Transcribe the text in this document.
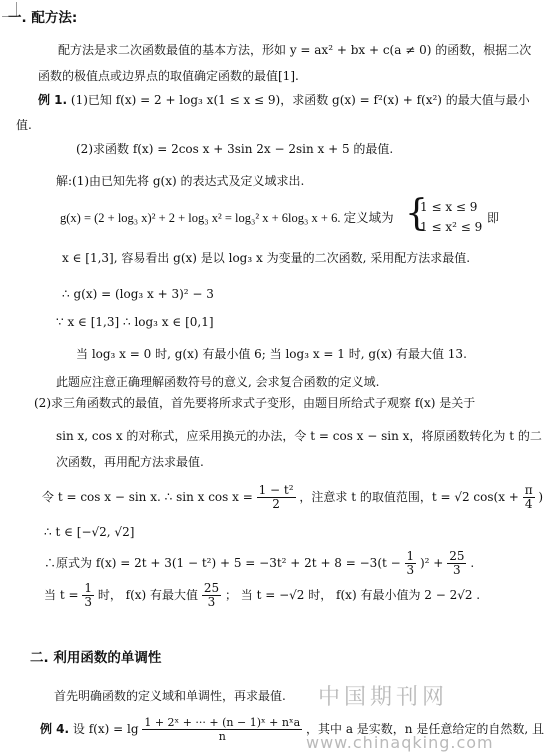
一. 配方法:
配方法是求二次函数最值的基本方法，形如 y = ax² + bx + c(a ≠ 0) 的函数，根据二次
函数的极值点或边界点的取值确定函数的最值[1].
例 1. (1)已知 f(x) = 2 + log₃ x(1 ≤ x ≤ 9)，求函数 g(x) = f²(x) + f(x²) 的最大值与最小
值.
(2)求函数 f(x) = 2cos x + 3sin 2x − 2sin x + 5 的最值.
解:(1)由已知先将 g(x) 的表达式及定义域求出.
g(x) = (2 + log₃ x)² + 2 + log₃ x² = log₃² x + 6log₃ x + 6. 定义域为 {
1 ≤ x ≤ 9
1 ≤ x² ≤ 9
即
x ∈ [1,3], 容易看出 g(x) 是以 log₃ x 为变量的二次函数, 采用配方法求最值.
∴ g(x) = (log₃ x + 3)² − 3
∵ x ∈ [1,3] ∴ log₃ x ∈ [0,1]
当 log₃ x = 0 时, g(x) 有最小值 6; 当 log₃ x = 1 时, g(x) 有最大值 13.
此题应注意正确理解函数符号的意义, 会求复合函数的定义域.
(2)求三角函数式的最值，首先要将所求式子变形，由题目所给式子观察 f(x) 是关于
sin x, cos x 的对称式，应采用换元的办法，令 t = cos x − sin x，将原函数转化为 t 的二
次函数，再用配方法求最值.
令 t = cos x − sin x. ∴ sin x $\cos x = \frac{\text{1 − t²}}{2}$ ，注意求 t 的取值范围，t = √2 $\cos(x + \frac{\pi}{4}$ )
∴ t ∈ [−√2, √2]
∴原式为 $f(x) = 2t + 3(1 - t^2) + 5 = -3t^2 + 2t + 8 = -3(t - \frac{1}{3} )^2 + \frac{25}{3}$ .
当 $t = \frac{1}{3}$ 时， f(x) 有最大值 $\frac{25}{3}$ ； 当 t = −√2 时， f(x) 有最小值为 2 − 2√2 .
二. 利用函数的单调性
首先明确函数的定义域和单调性，再求最值. 中国期刊网
www.chinaqking.com
例 4. 设 $f(x) = \lg \frac{\text{1 + 2ˣ + ··· + (n − 1)ˣ + nˣa}}{n}$ ，其中 a 是实数，n 是任意给定的自然数, 且
